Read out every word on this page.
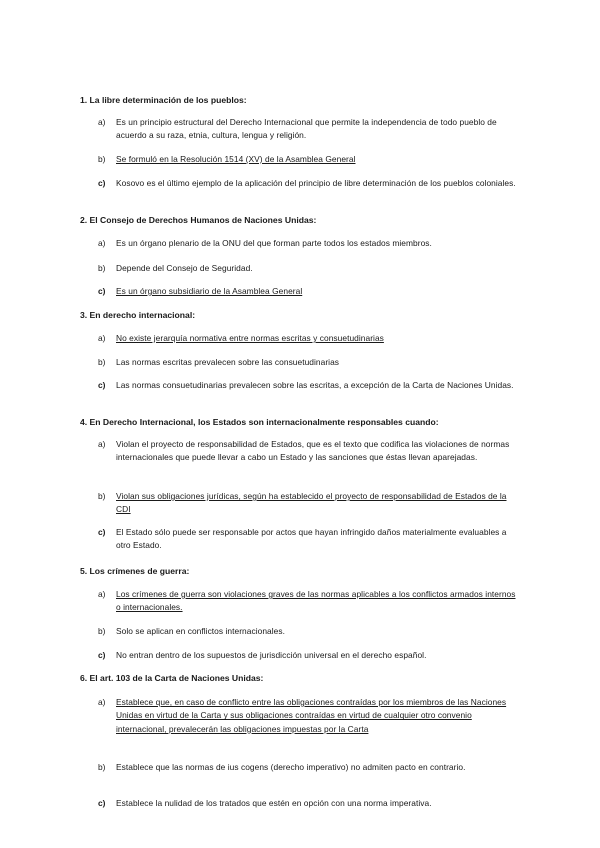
1. La libre determinación de los pueblos:
a) Es un principio estructural del Derecho Internacional que permite la independencia de todo pueblo de acuerdo a su raza, etnia, cultura, lengua y religión.
b) Se formuló en la Resolución 1514 (XV) de la Asamblea General
c) Kosovo es el último ejemplo de la aplicación del principio de libre determinación de los pueblos coloniales.
2. El Consejo de Derechos Humanos de Naciones Unidas:
a) Es un órgano plenario de la ONU del que forman parte todos los estados miembros.
b) Depende del Consejo de Seguridad.
c) Es un órgano subsidiario de la Asamblea General
3. En derecho internacional:
a) No existe jerarquía normativa entre normas escritas y consuetudinarias
b) Las normas escritas prevalecen sobre las consuetudinarias
c) Las normas consuetudinarias prevalecen sobre las escritas, a excepción de la Carta de Naciones Unidas.
4. En Derecho Internacional, los Estados son internacionalmente responsables cuando:
a) Violan el proyecto de responsabilidad de Estados, que es el texto que codifica las violaciones de normas internacionales que puede llevar a cabo un Estado y las sanciones que éstas llevan aparejadas.
b) Violan sus obligaciones jurídicas, según ha establecido el proyecto de responsabilidad de Estados de la CDI
c) El Estado sólo puede ser responsable por actos que hayan infringido daños materialmente evaluables a otro Estado.
5. Los crímenes de guerra:
a) Los crímenes de guerra son violaciones graves de las normas aplicables a los conflictos armados internos o internacionales.
b) Solo se aplican en conflictos internacionales.
c) No entran dentro de los supuestos de jurisdicción universal en el derecho español.
6. El art. 103 de la Carta de Naciones Unidas:
a) Establece que, en caso de conflicto entre las obligaciones contraídas por los miembros de las Naciones Unidas en virtud de la Carta y sus obligaciones contraídas en virtud de cualquier otro convenio internacional, prevalecerán las obligaciones impuestas por la Carta
b) Establece que las normas de ius cogens (derecho imperativo) no admiten pacto en contrario.
c) Establece la nulidad de los tratados que estén en opción con una norma imperativa.
